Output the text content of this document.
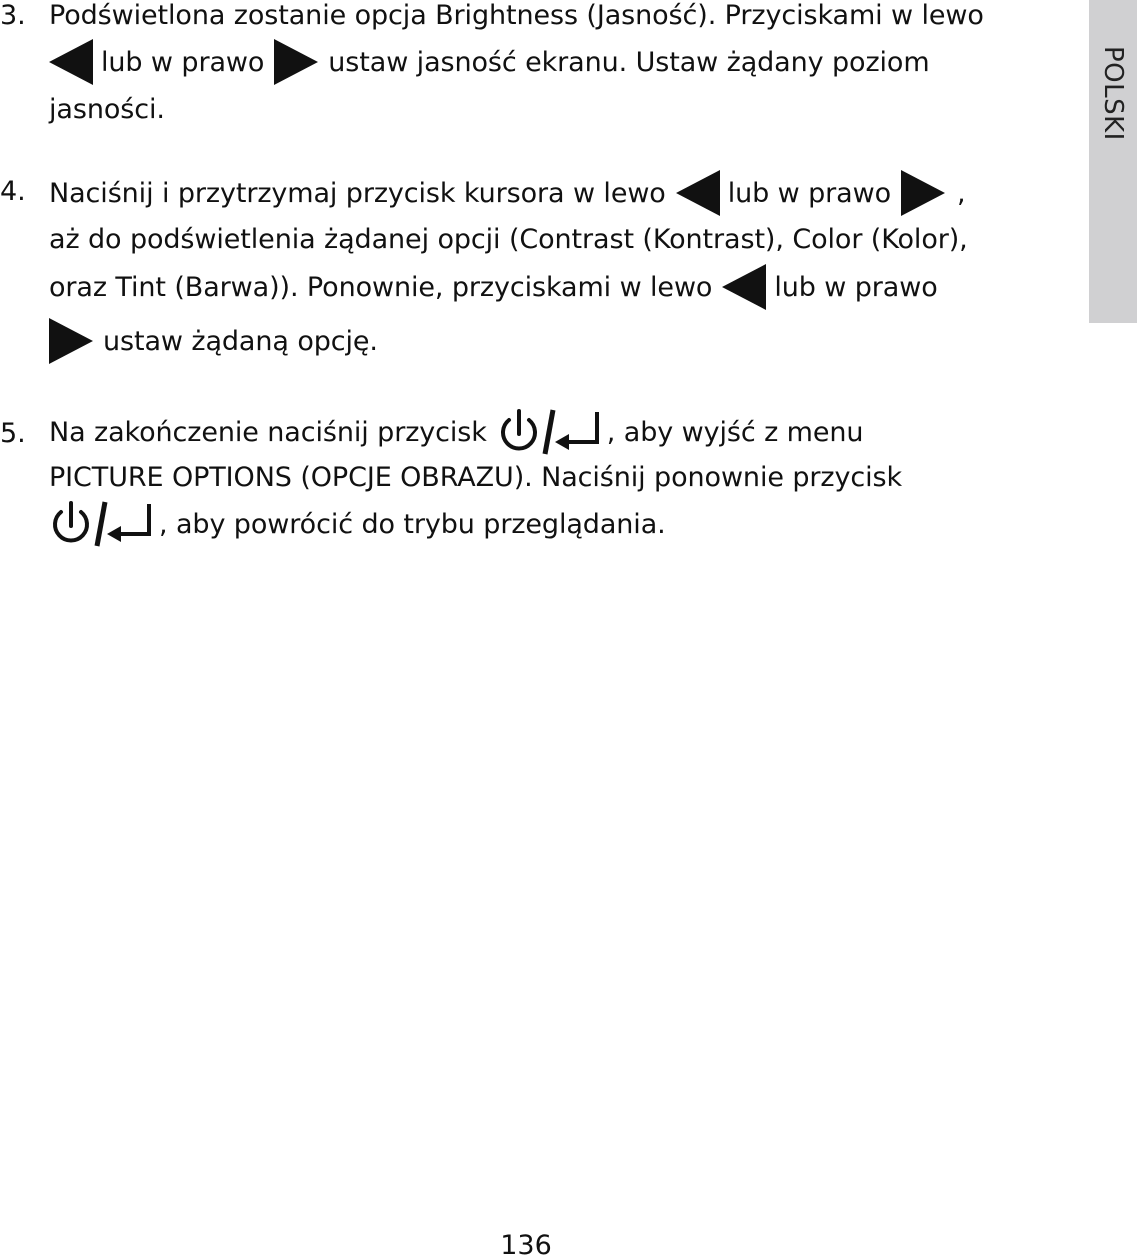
POLSKI
3. Podświetlona zostanie opcja Brightness (Jasność). Przyciskami w lewo
lub w prawo ustaw jasność ekranu. Ustaw żądany poziom
jasności.
4. Naciśnij i przytrzymaj przycisk kursora w lewo lub w prawo ,
aż do podświetlenia żądanej opcji (Contrast (Kontrast), Color (Kolor),
oraz Tint (Barwa)). Ponownie, przyciskami w lewo lub w prawo
ustaw żądaną opcję.
5. Na zakończenie naciśnij przycisk	, aby wyjść z menu
PICTURE OPTIONS (OPCJE OBRAZU). Naciśnij ponownie przycisk
, aby powrócić do trybu przeglądania.
136
